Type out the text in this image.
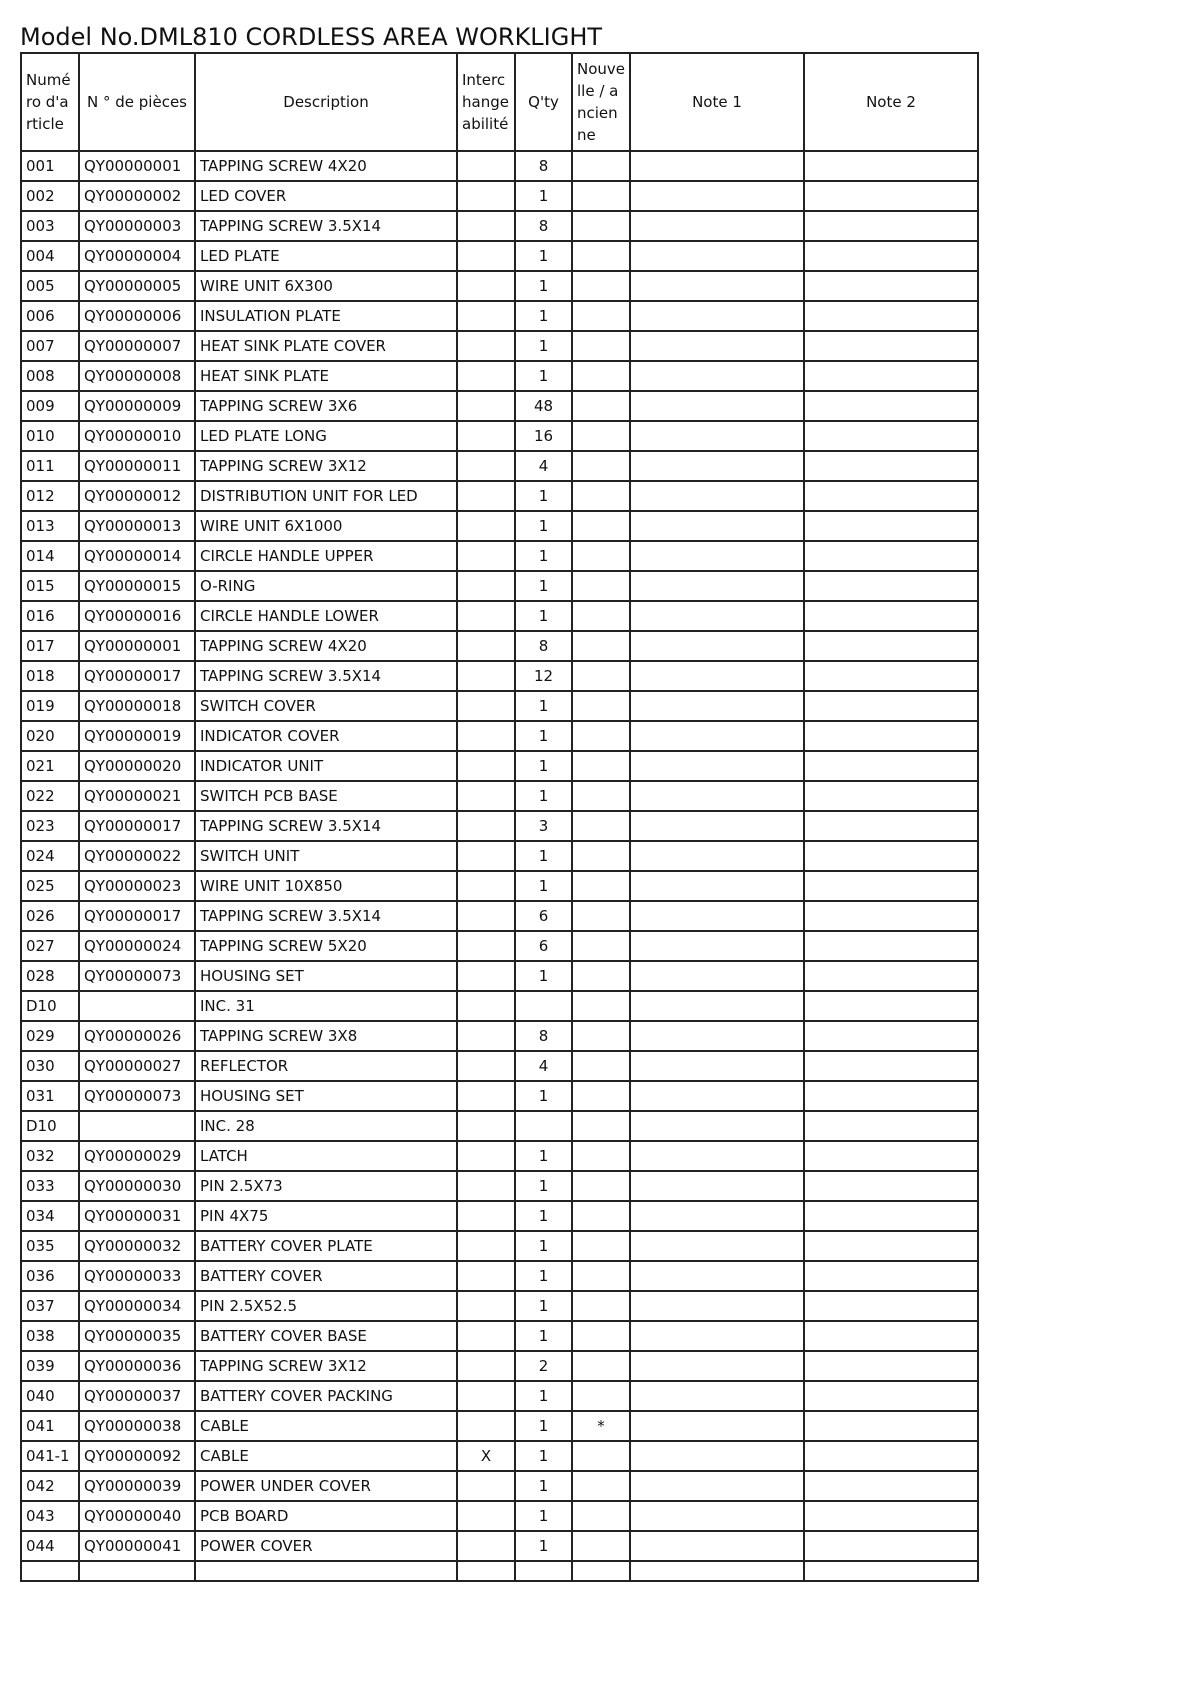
Model No.DML810 CORDLESS AREA WORKLIGHT
Numéro d'article	N ° de pièces	Description	Interchangeabilité	Q'ty	Nouvelle / ancienne	Note 1	Note 2
001	QY00000001	TAPPING SCREW 4X20		8			
002	QY00000002	LED COVER		1			
003	QY00000003	TAPPING SCREW 3.5X14		8			
004	QY00000004	LED PLATE		1			
005	QY00000005	WIRE UNIT 6X300		1			
006	QY00000006	INSULATION PLATE		1			
007	QY00000007	HEAT SINK PLATE COVER		1			
008	QY00000008	HEAT SINK PLATE		1			
009	QY00000009	TAPPING SCREW 3X6		48			
010	QY00000010	LED PLATE LONG		16			
011	QY00000011	TAPPING SCREW 3X12		4			
012	QY00000012	DISTRIBUTION UNIT FOR LED		1			
013	QY00000013	WIRE UNIT 6X1000		1			
014	QY00000014	CIRCLE HANDLE UPPER		1			
015	QY00000015	O-RING		1			
016	QY00000016	CIRCLE HANDLE LOWER		1			
017	QY00000001	TAPPING SCREW 4X20		8			
018	QY00000017	TAPPING SCREW 3.5X14		12			
019	QY00000018	SWITCH COVER		1			
020	QY00000019	INDICATOR COVER		1			
021	QY00000020	INDICATOR UNIT		1			
022	QY00000021	SWITCH PCB BASE		1			
023	QY00000017	TAPPING SCREW 3.5X14		3			
024	QY00000022	SWITCH UNIT		1			
025	QY00000023	WIRE UNIT 10X850		1			
026	QY00000017	TAPPING SCREW 3.5X14		6			
027	QY00000024	TAPPING SCREW 5X20		6			
028	QY00000073	HOUSING SET		1			
D10		INC. 31					
029	QY00000026	TAPPING SCREW 3X8		8			
030	QY00000027	REFLECTOR		4			
031	QY00000073	HOUSING SET		1			
D10		INC. 28					
032	QY00000029	LATCH		1			
033	QY00000030	PIN 2.5X73		1			
034	QY00000031	PIN 4X75		1			
035	QY00000032	BATTERY COVER PLATE		1			
036	QY00000033	BATTERY COVER		1			
037	QY00000034	PIN 2.5X52.5		1			
038	QY00000035	BATTERY COVER BASE		1			
039	QY00000036	TAPPING SCREW 3X12		2			
040	QY00000037	BATTERY COVER PACKING		1			
041	QY00000038	CABLE		1	*		
041-1	QY00000092	CABLE	X	1			
042	QY00000039	POWER UNDER COVER		1			
043	QY00000040	PCB BOARD		1			
044	QY00000041	POWER COVER		1			
